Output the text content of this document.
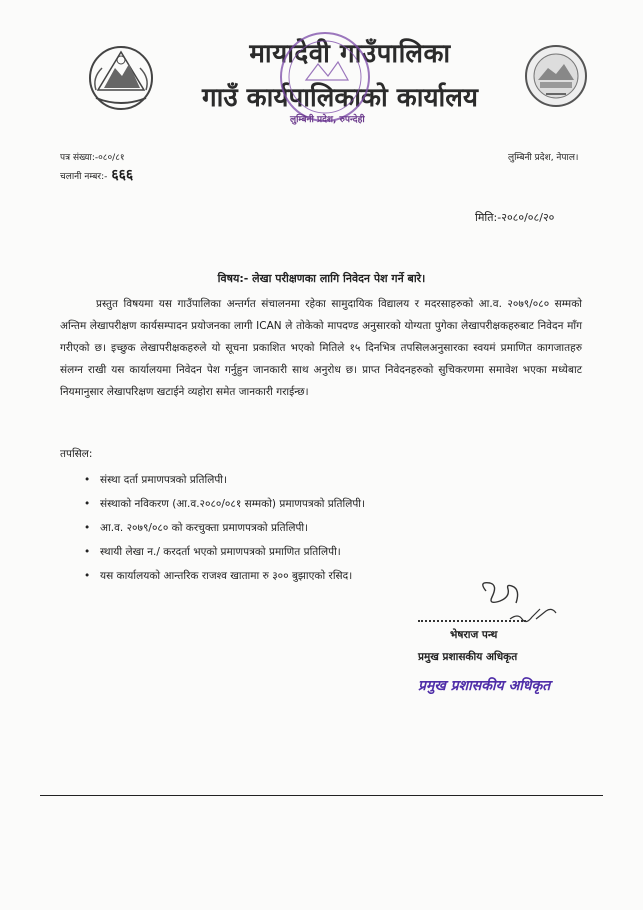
मायादेवी गाउँपालिका
गाउँ कार्यपालिकाको कार्यालय
लुम्बिनी प्रदेश, रुपन्देही
पत्र संख्या:-०८०/८१
चलानी नम्बर:- ६६६
लुम्बिनी प्रदेश, नेपाल।
मिति:-२०८०/०८/२०
विषय:- लेखा परीक्षणका लागि निवेदन पेश गर्ने बारे।

प्रस्तुत विषयमा यस गाउँपालिका अन्तर्गत संचालनमा रहेका सामुदायिक विद्यालय र मदरसाहरुको आ.व. २०७९/०८० सम्मको अन्तिम लेखापरीक्षण कार्यसम्पादन प्रयोजनका लागी ICAN ले तोकेको मापदण्ड अनुसारको योग्यता पुगेका लेखापरीक्षकहरुबाट निवेदन माँग गरीएको छ। इच्छुक लेखापरीक्षकहरुले यो सूचना प्रकाशित भएको मितिले १५ दिनभित्र तपसिलअनुसारका स्वयमं प्रमाणित कागजातहरु संलग्न राखी यस कार्यालयमा निवेदन पेश गर्नुहुन जानकारी साथ अनुरोध छ। प्राप्त निवेदनहरुको सुचिकरणमा समावेश भएका मध्येबाट नियमानुसार लेखापरिक्षण खटाईने व्यहोरा समेत जानकारी गराईन्छ।

तपसिल:
• संस्था दर्ता प्रमाणपत्रको प्रतिलिपी।
• संस्थाको नविकरण (आ.व.२०८०/०८१ सम्मको) प्रमाणपत्रको प्रतिलिपी।
• आ.व. २०७९/०८० को करचुक्ता प्रमाणपत्रको प्रतिलिपी।
• स्थायी लेखा न./ करदर्ता भएको प्रमाणपत्रको प्रमाणित प्रतिलिपी।
• यस कार्यालयको आन्तरिक राजश्व खातामा रु ३०० बुझाएको रसिद।
भेषराज पन्थ
प्रमुख प्रशासकीय अधिकृत
प्रमुख प्रशासकीय अधिकृत
